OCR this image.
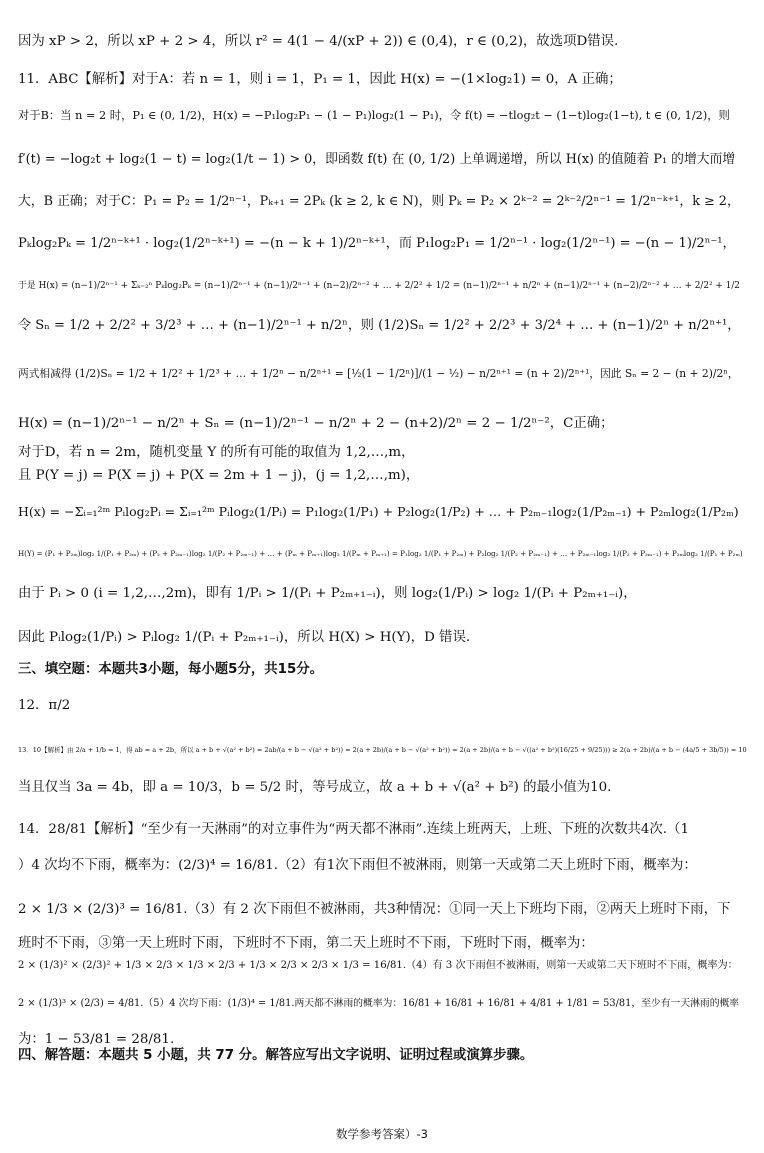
因为 xP > 2，所以 xP + 2 > 4，所以 r² = 4(1 − 4/(xP + 2)) ∈ (0,4)，r ∈ (0,2)，故选项D错误.
11．ABC【解析】对于A：若 n = 1，则 i = 1，P₁ = 1，因此 H(x) = −(1×log₂1) = 0，A 正确；
对于B：当 n = 2 时，P₁ ∈ (0, 1/2)，H(x) = −P₁log₂P₁ − (1 − P₁)log₂(1 − P₁)，令 f(t) = −tlog₂t − (1−t)log₂(1−t), t ∈ (0, 1/2)，则
f′(t) = −log₂t + log₂(1 − t) = log₂(1/t − 1) > 0，即函数 f(t) 在 (0, 1/2) 上单调递增，所以 H(x) 的值随着 P₁ 的增大而增
大，B 正确；对于C：P₁ = P₂ = 1/2ⁿ⁻¹，Pₖ₊₁ = 2Pₖ (k ≥ 2, k ∈ N)，则 Pₖ = P₂ × 2ᵏ⁻² = 2ᵏ⁻²/2ⁿ⁻¹ = 1/2ⁿ⁻ᵏ⁺¹，k ≥ 2，
Pₖlog₂Pₖ = 1/2ⁿ⁻ᵏ⁺¹ · log₂(1/2ⁿ⁻ᵏ⁺¹) = −(n − k + 1)/2ⁿ⁻ᵏ⁺¹，而 P₁log₂P₁ = 1/2ⁿ⁻¹ · log₂(1/2ⁿ⁻¹) = −(n − 1)/2ⁿ⁻¹，
于是 H(x) = (n−1)/2ⁿ⁻¹ + Σₖ₌₂ⁿ Pₖlog₂Pₖ = (n−1)/2ⁿ⁻¹ + (n−1)/2ⁿ⁻¹ + (n−2)/2ⁿ⁻² + … + 2/2² + 1/2 = (n−1)/2ⁿ⁻¹ + n/2ⁿ + (n−1)/2ⁿ⁻¹ + (n−2)/2ⁿ⁻² + … + 2/2² + 1/2
令 Sₙ = 1/2 + 2/2² + 3/2³ + … + (n−1)/2ⁿ⁻¹ + n/2ⁿ，则 (1/2)Sₙ = 1/2² + 2/2³ + 3/2⁴ + … + (n−1)/2ⁿ + n/2ⁿ⁺¹，
两式相减得 (1/2)Sₙ = 1/2 + 1/2² + 1/2³ + … + 1/2ⁿ − n/2ⁿ⁺¹ = [½(1 − 1/2ⁿ)]/(1 − ½) − n/2ⁿ⁺¹ = (n + 2)/2ⁿ⁺¹，因此 Sₙ = 2 − (n + 2)/2ⁿ，
H(x) = (n−1)/2ⁿ⁻¹ − n/2ⁿ + Sₙ = (n−1)/2ⁿ⁻¹ − n/2ⁿ + 2 − (n+2)/2ⁿ = 2 − 1/2ⁿ⁻²，C正确；
对于D，若 n = 2m，随机变量 Y 的所有可能的取值为 1,2,…,m，
且 P(Y = j) = P(X = j) + P(X = 2m + 1 − j)，(j = 1,2,…,m)，
H(x) = −Σᵢ₌₁²ᵐ Pᵢlog₂Pᵢ = Σᵢ₌₁²ᵐ Pᵢlog₂(1/Pᵢ) = P₁log₂(1/P₁) + P₂log₂(1/P₂) + … + P₂ₘ₋₁log₂(1/P₂ₘ₋₁) + P₂ₘlog₂(1/P₂ₘ)
H(Y) = (P₁ + P₂ₘ)log₂ 1/(P₁ + P₂ₘ) + (P₂ + P₂ₘ₋₁)log₂ 1/(P₂ + P₂ₘ₋₁) + … + (Pₘ + Pₘ₊₁)log₂ 1/(Pₘ + Pₘ₊₁) = P₁log₂ 1/(P₁ + P₂ₘ) + P₂log₂ 1/(P₂ + P₂ₘ₋₁) + … + P₂ₘ₋₁log₂ 1/(P₂ + P₂ₘ₋₁) + P₂ₘlog₂ 1/(P₁ + P₂ₘ)
由于 Pᵢ > 0 (i = 1,2,…,2m)，即有 1/Pᵢ > 1/(Pᵢ + P₂ₘ₊₁₋ᵢ)，则 log₂(1/Pᵢ) > log₂ 1/(Pᵢ + P₂ₘ₊₁₋ᵢ)，
因此 Pᵢlog₂(1/Pᵢ) > Pᵢlog₂ 1/(Pᵢ + P₂ₘ₊₁₋ᵢ)，所以 H(X) > H(Y)，D 错误.
三、填空题：本题共3小题，每小题5分，共15分。
12．π/2
13．10【解析】由 2/a + 1/b = 1，得 ab = a + 2b，所以 a + b + √(a² + b²) = 2ab/(a + b − √(a² + b²)) = 2(a + 2b)/(a + b − √(a² + b²)) = 2(a + 2b)/(a + b − √((a² + b²)(16/25 + 9/25))) ≥ 2(a + 2b)/(a + b − (4a/5 + 3b/5)) = 10
当且仅当 3a = 4b，即 a = 10/3，b = 5/2 时，等号成立，故 a + b + √(a² + b²) 的最小值为10.
14．28/81【解析】“至少有一天淋雨”的对立事件为“两天都不淋雨”.连续上班两天，上班、下班的次数共4次.（1
）4 次均不下雨，概率为：(2/3)⁴ = 16/81.（2）有1次下雨但不被淋雨，则第一天或第二天上班时下雨，概率为：
2 × 1/3 × (2/3)³ = 16/81.（3）有 2 次下雨但不被淋雨，共3种情况：①同一天上下班均下雨，②两天上班时下雨，下
班时不下雨，③第一天上班时下雨，下班时不下雨，第二天上班时不下雨，下班时下雨，概率为：
2 × (1/3)² × (2/3)² + 1/3 × 2/3 × 1/3 × 2/3 + 1/3 × 2/3 × 2/3 × 1/3 = 16/81.（4）有 3 次下雨但不被淋雨，则第一天或第二天下班时不下雨，概率为：
2 × (1/3)³ × (2/3) = 4/81.（5）4 次均下雨：(1/3)⁴ = 1/81.两天都不淋雨的概率为：16/81 + 16/81 + 16/81 + 4/81 + 1/81 = 53/81，至少有一天淋雨的概率
为：1 − 53/81 = 28/81.
四、解答题：本题共 5 小题，共 77 分。解答应写出文字说明、证明过程或演算步骤。
数学参考答案）-3
